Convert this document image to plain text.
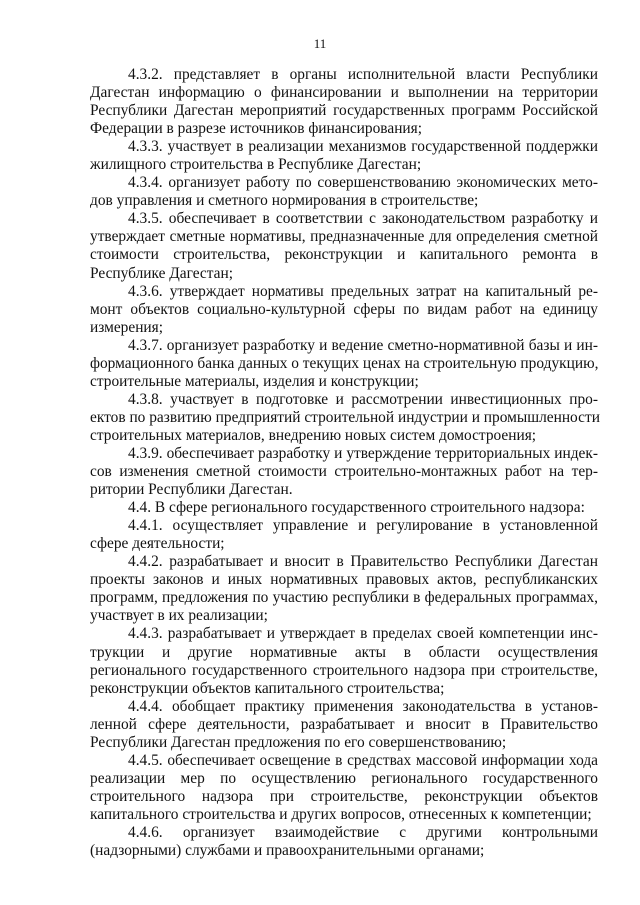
11
4.3.2. представляет в органы исполнительной власти Республики
Дагестан информацию о финансировании и выполнении на территории
Республики Дагестан мероприятий государственных программ Российской
Федерации в разрезе источников финансирования;
4.3.3. участвует в реализации механизмов государственной поддержки
жилищного строительства в Республике Дагестан;
4.3.4. организует работу по совершенствованию экономических мето-
дов управления и сметного нормирования в строительстве;
4.3.5. обеспечивает в соответствии с законодательством разработку и
утверждает сметные нормативы, предназначенные для определения сметной
стоимости строительства, реконструкции и капитального ремонта в
Республике Дагестан;
4.3.6. утверждает нормативы предельных затрат на капитальный ре-
монт объектов социально-культурной сферы по видам работ на единицу
измерения;
4.3.7. организует разработку и ведение сметно-нормативной базы и ин-
формационного банка данных о текущих ценах на строительную продукцию,
строительные материалы, изделия и конструкции;
4.3.8. участвует в подготовке и рассмотрении инвестиционных про-
ектов по развитию предприятий строительной индустрии и промышленности
строительных материалов, внедрению новых систем домостроения;
4.3.9. обеспечивает разработку и утверждение территориальных индек-
сов изменения сметной стоимости строительно-монтажных работ на тер-
ритории Республики Дагестан.
4.4. В сфере регионального государственного строительного надзора:
4.4.1. осуществляет управление и регулирование в установленной
сфере деятельности;
4.4.2. разрабатывает и вносит в Правительство Республики Дагестан
проекты законов и иных нормативных правовых актов, республиканских
программ, предложения по участию республики в федеральных программах,
участвует в их реализации;
4.4.3. разрабатывает и утверждает в пределах своей компетенции инс-
трукции и другие нормативные акты в области осуществления
регионального государственного строительного надзора при строительстве,
реконструкции объектов капитального строительства;
4.4.4. обобщает практику применения законодательства в установ-
ленной сфере деятельности, разрабатывает и вносит в Правительство
Республики Дагестан предложения по его совершенствованию;
4.4.5. обеспечивает освещение в средствах массовой информации хода
реализации мер по осуществлению регионального государственного
строительного надзора при строительстве, реконструкции объектов
капитального строительства и других вопросов, отнесенных к компетенции;
4.4.6. организует взаимодействие с другими контрольными
(надзорными) службами и правоохранительными органами;
